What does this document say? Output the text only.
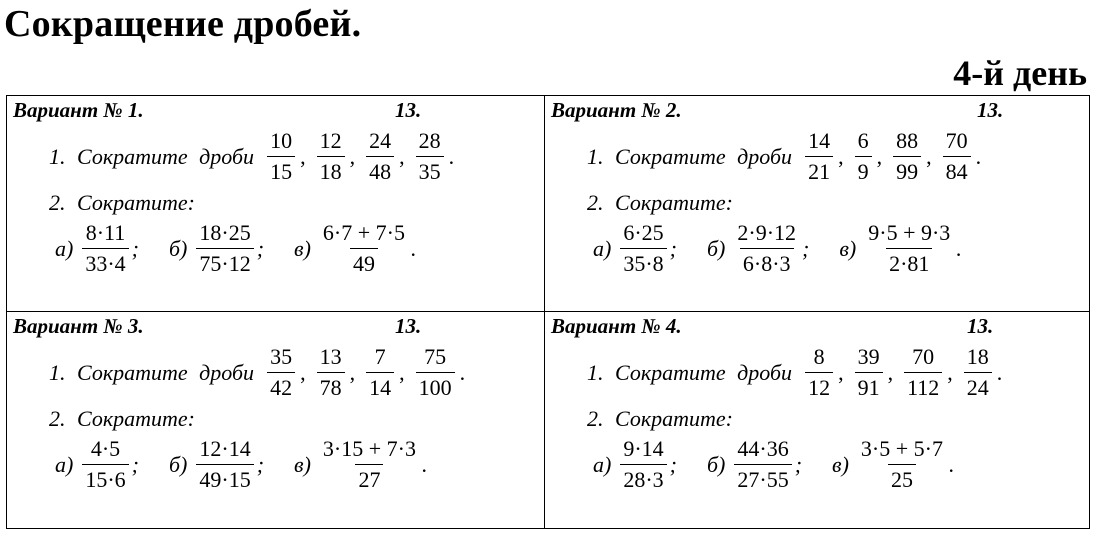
Сокращение дробей.
4-й день
Вариант № 1.	13.
1. Сократите дроби $\frac{10}{15}$ , $\frac{12}{18}$ , $\frac{24}{48}$ , $\frac{28}{35}$ .
2. Сократите:
$а) \frac{8\cdot 11}{33\cdot 4}$ ; $б) \frac{18\cdot 25}{75\cdot 12}$ ; $в) \frac{6\cdot 7 + 7\cdot 5}{49}$ .
Вариант № 2.	13.
1. Сократите дроби $\frac{14}{21}$ , $\frac{6}{9}$ , $\frac{88}{99}$ , $\frac{70}{84}$ .
2. Сократите:
$а) \frac{6\cdot 25}{35\cdot 8}$ ; $б) \frac{2\cdot 9\cdot 12}{6\cdot 8\cdot 3}$ ; $в) \frac{9\cdot 5 + 9\cdot 3}{2\cdot 81}$ .
Вариант № 3.	13.
1. Сократите дроби $\frac{35}{42}$ , $\frac{13}{78}$ , $\frac{7}{14}$ , $\frac{75}{100}$ .
2. Сократите:
$а) \frac{4\cdot 5}{15\cdot 6}$ ; $б) \frac{12\cdot 14}{49\cdot 15}$ ; $в) \frac{3\cdot 15 + 7\cdot 3}{27}$ .
Вариант № 4.	13.
1. Сократите дроби $\frac{8}{12}$ , $\frac{39}{91}$ , $\frac{70}{112}$ , $\frac{18}{24}$ .
2. Сократите:
$а) \frac{9\cdot 14}{28\cdot 3}$ ; $б) \frac{44\cdot 36}{27\cdot 55}$ ; $в) \frac{3\cdot 5 + 5\cdot 7}{25}$ .
